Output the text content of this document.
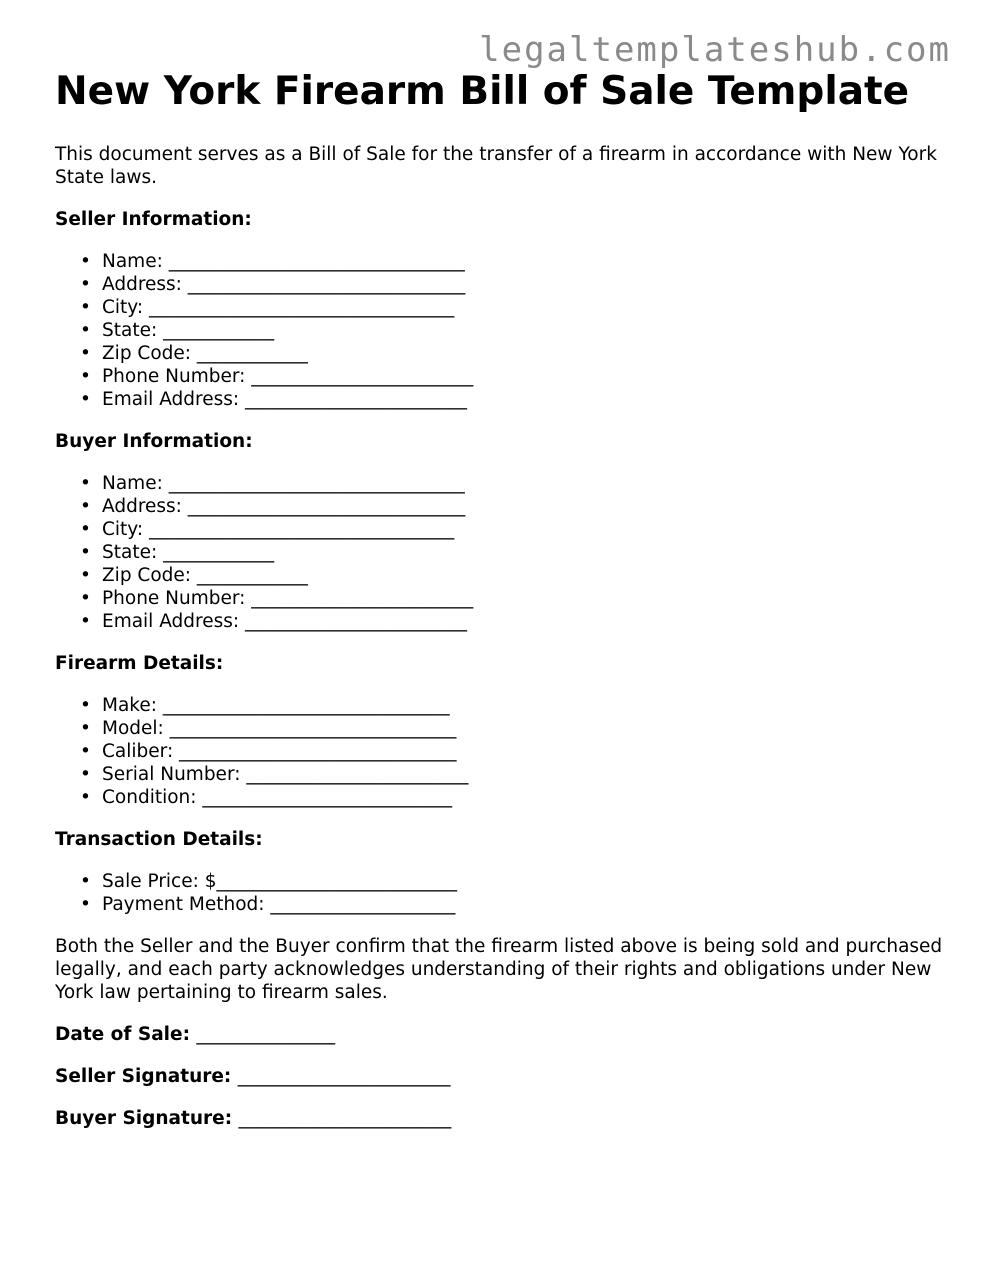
legaltemplateshub.com
New York Firearm Bill of Sale Template

This document serves as a Bill of Sale for the transfer of a firearm in accordance with New York State laws.

Seller Information:

• Name: ________________________________
• Address: ______________________________
• City: _________________________________
• State: ____________
• Zip Code: ____________
• Phone Number: ________________________
• Email Address: ________________________

Buyer Information:

• Name: ________________________________
• Address: ______________________________
• City: _________________________________
• State: ____________
• Zip Code: ____________
• Phone Number: ________________________
• Email Address: ________________________

Firearm Details:

• Make: _______________________________
• Model: _______________________________
• Caliber: ______________________________
• Serial Number: ________________________
• Condition: ___________________________

Transaction Details:

• Sale Price: $__________________________
• Payment Method: ____________________

Both the Seller and the Buyer confirm that the firearm listed above is being sold and purchased legally, and each party acknowledges understanding of their rights and obligations under New York law pertaining to firearm sales.

Date of Sale: _______________

Seller Signature: _______________________

Buyer Signature: _______________________
